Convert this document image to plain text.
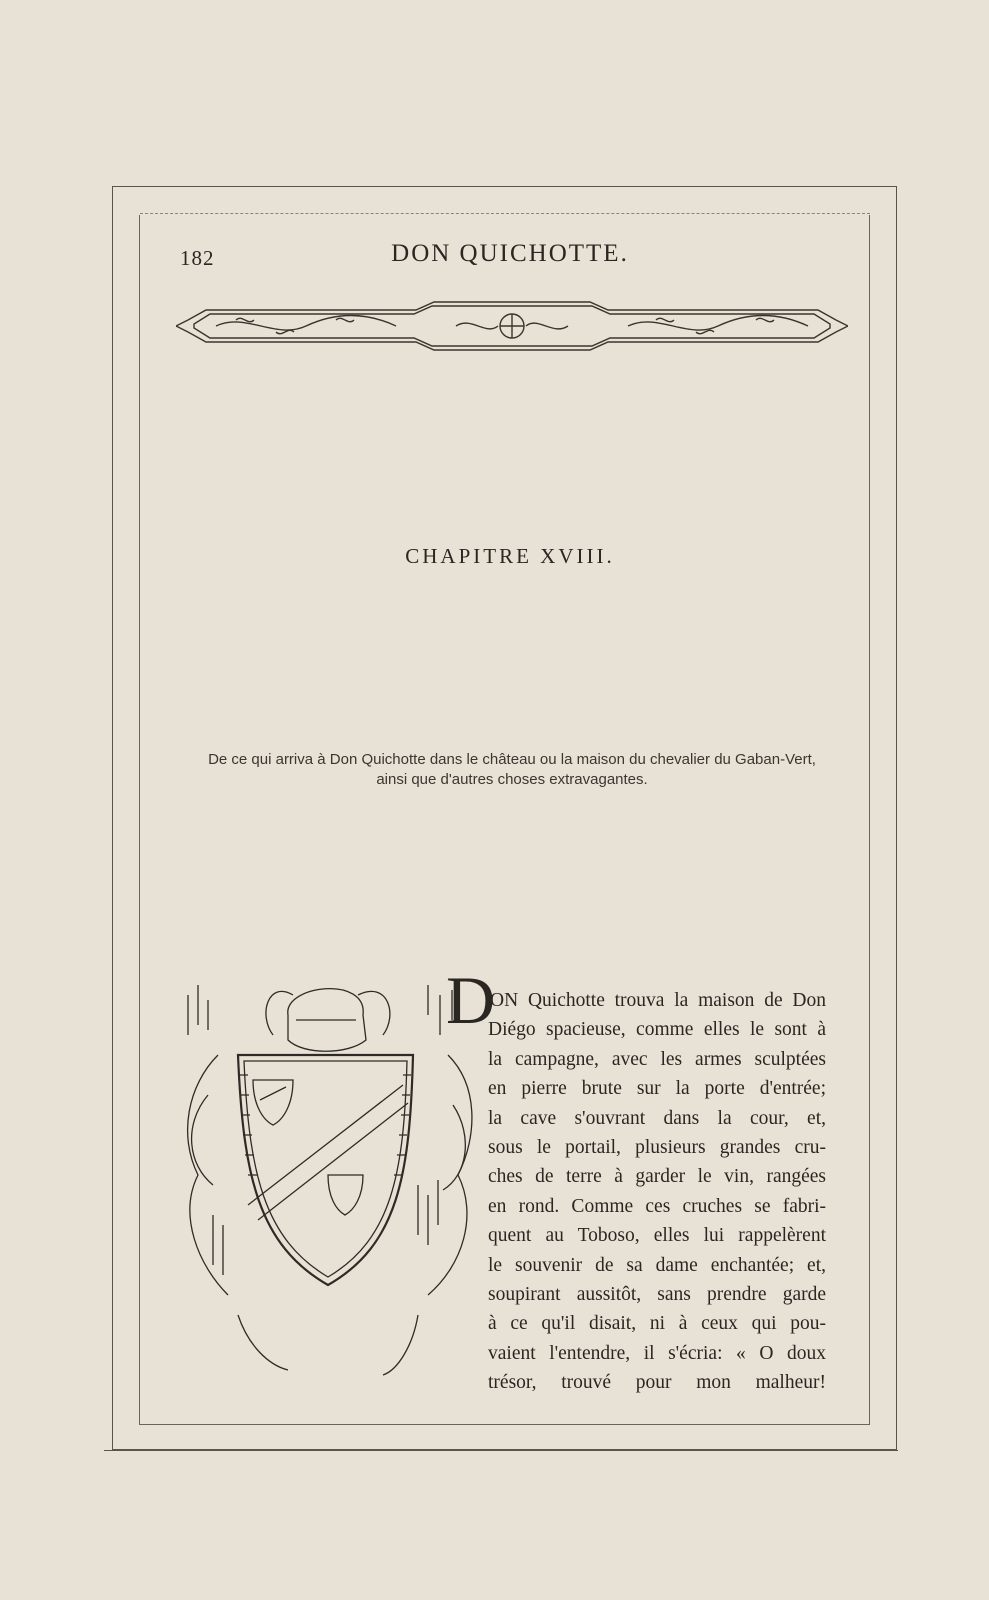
182	DON QUICHOTTE.
CHAPITRE XVIII.
De ce qui arriva à Don Quichotte dans le château ou la maison du chevalier du Gaban-Vert,
ainsi que d'autres choses extravagantes.
D
ON Quichotte trouva la maison de Don
Diégo spacieuse, comme elles le sont à
la campagne, avec les armes sculptées
en pierre brute sur la porte d'entrée;
la cave s'ouvrant dans la cour, et,
sous le portail, plusieurs grandes cru-
ches de terre à garder le vin, rangées
en rond. Comme ces cruches se fabri-
quent au Toboso, elles lui rappelèrent
le souvenir de sa dame enchantée; et,
soupirant aussitôt, sans prendre garde
à ce qu'il disait, ni à ceux qui pou-
vaient l'entendre, il s'écria: « O doux
trésor, trouvé pour mon malheur!
